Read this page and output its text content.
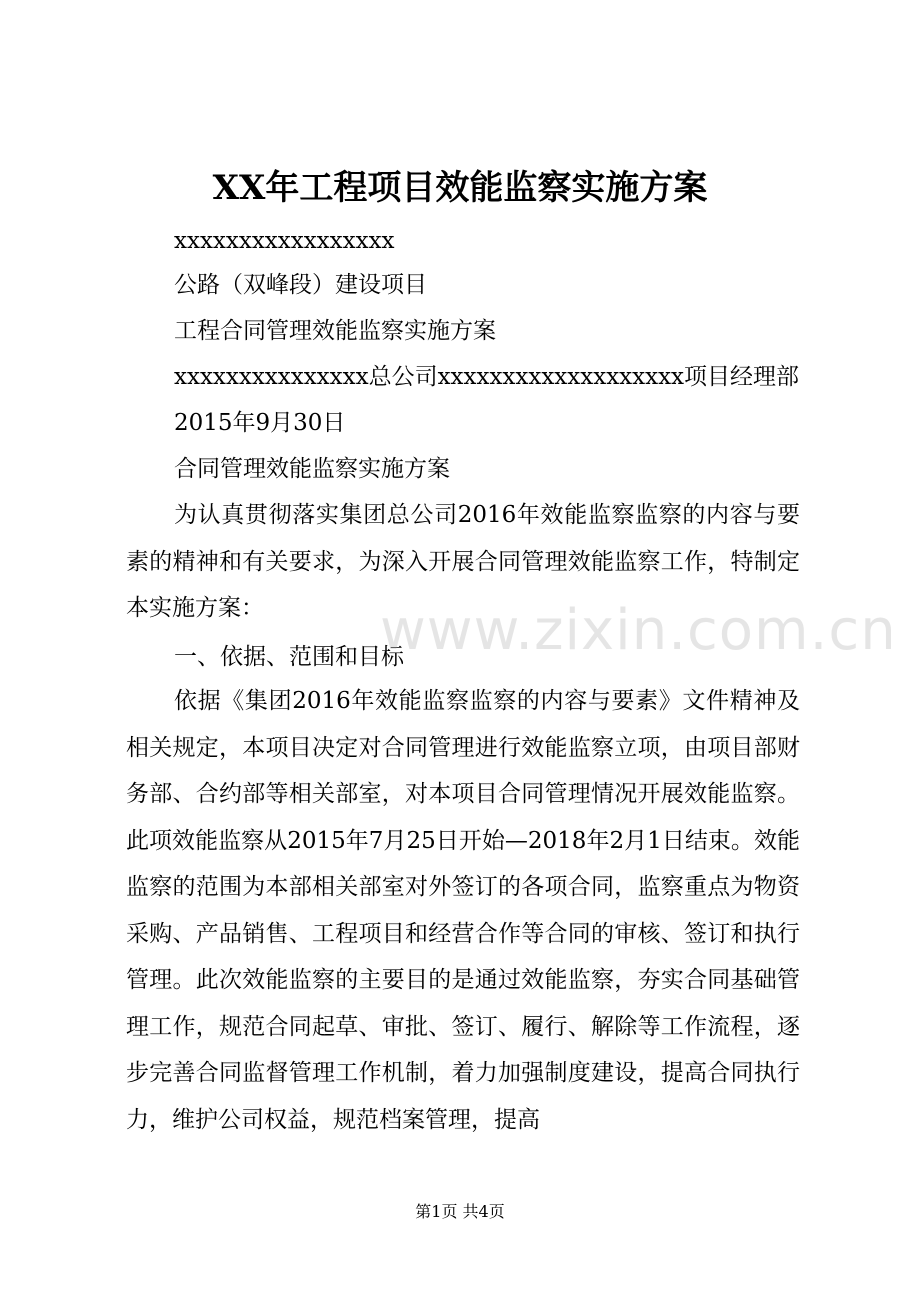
XX年工程项目效能监察实施方案

xxxxxxxxxxxxxxxxx

公路（双峰段）建设项目

工程合同管理效能监察实施方案

xxxxxxxxxxxxxxx总公司xxxxxxxxxxxxxxxxxxx项目经理部

2015年9月30日

合同管理效能监察实施方案

为认真贯彻落实集团总公司2016年效能监察监察的内容与要素的精神和有关要求，为深入开展合同管理效能监察工作，特制定本实施方案：

一、依据、范围和目标

依据《集团2016年效能监察监察的内容与要素》文件精神及相关规定，本项目决定对合同管理进行效能监察立项，由项目部财务部、合约部等相关部室，对本项目合同管理情况开展效能监察。此项效能监察从2015年7月25日开始—2018年2月1日结束。效能监察的范围为本部相关部室对外签订的各项合同，监察重点为物资采购、产品销售、工程项目和经营合作等合同的审核、签订和执行管理。此次效能监察的主要目的是通过效能监察，夯实合同基础管理工作，规范合同起草、审批、签订、履行、解除等工作流程，逐步完善合同监督管理工作机制，着力加强制度建设，提高合同执行力，维护公司权益，规范档案管理，提高

www.zixin.com.cn
第1页 共4页
